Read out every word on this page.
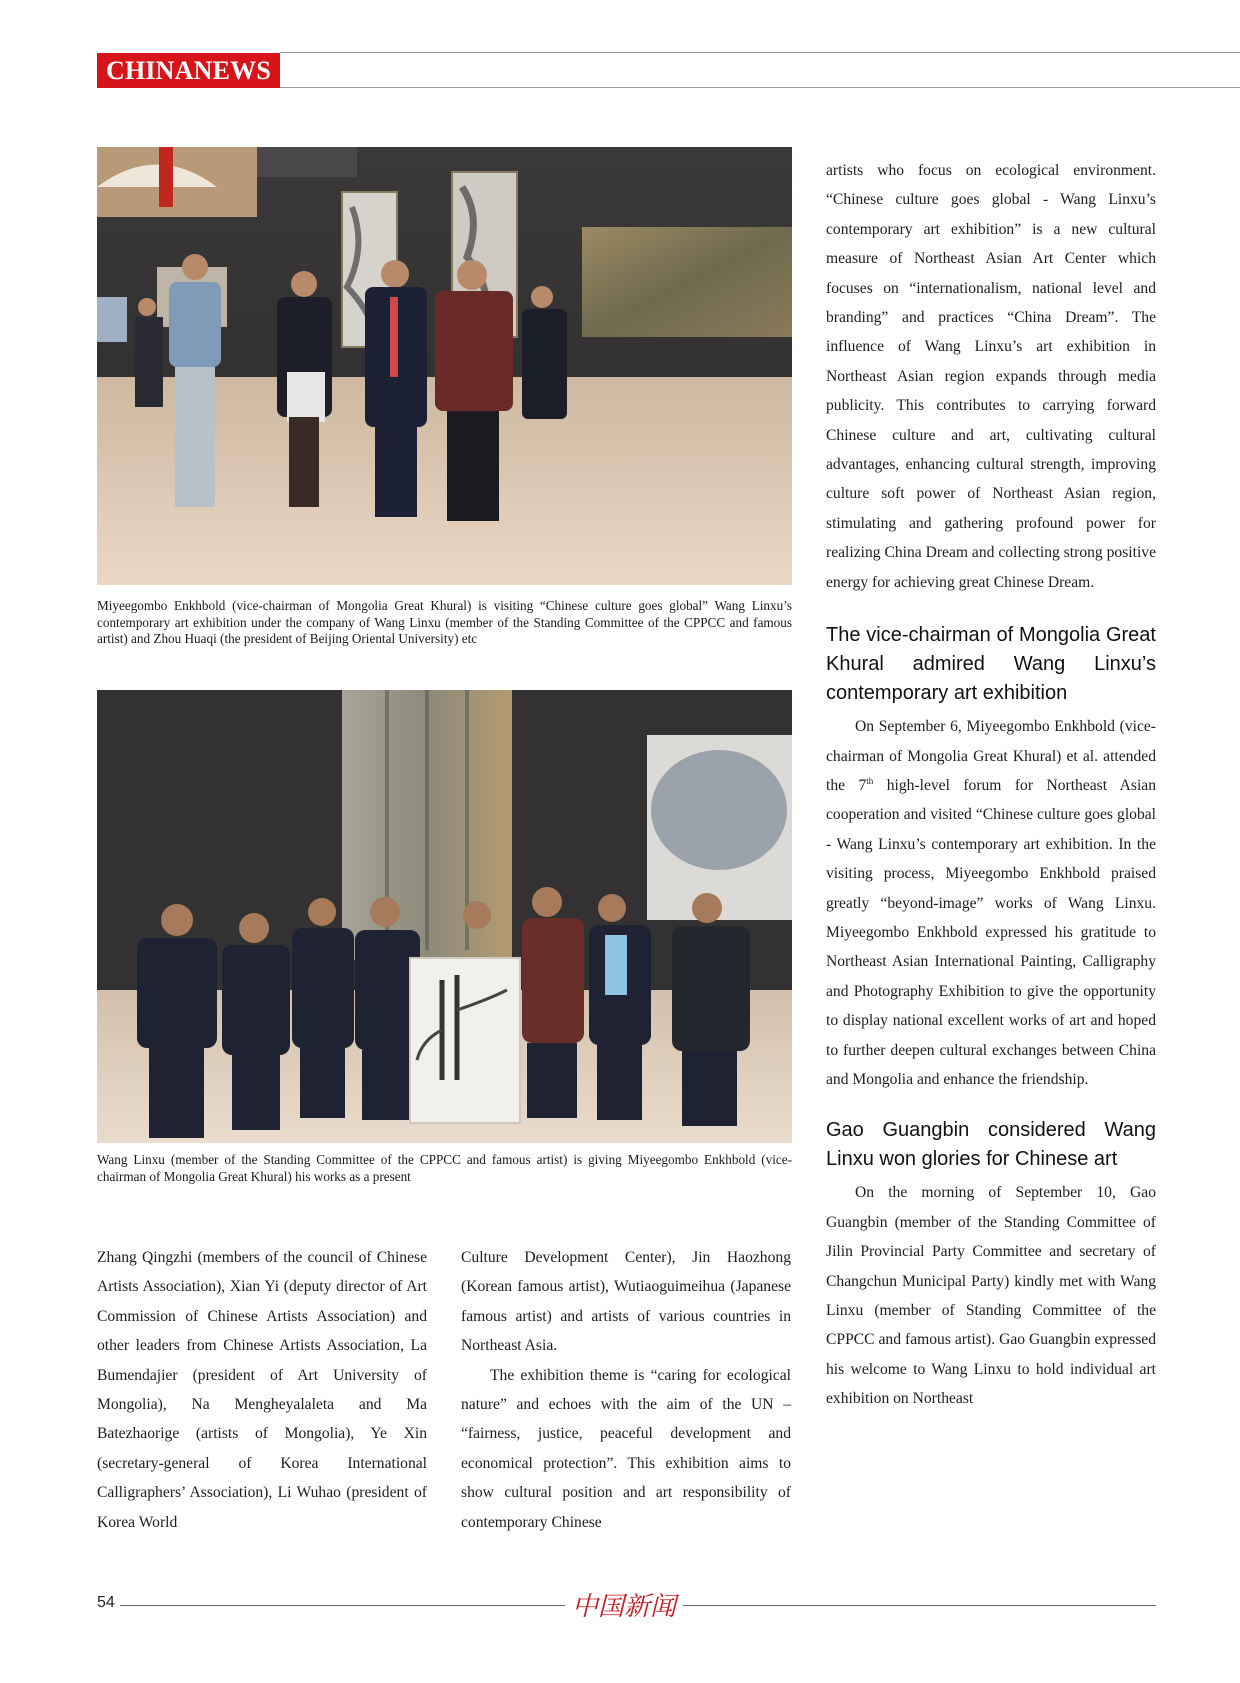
CHINANEWS
Miyeegombo Enkhbold (vice-chairman of Mongolia Great Khural) is visiting “Chinese culture goes global” Wang Linxu’s contemporary art exhibition under the company of Wang Linxu (member of the Standing Committee of the CPPCC and famous artist) and Zhou Huaqi (the president of Beijing Oriental University) etc
Wang Linxu (member of the Standing Committee of the CPPCC and famous artist) is giving Miyeegombo Enkhbold (vice-chairman of Mongolia Great Khural) his works as a present

artists who focus on ecological environment. “Chinese culture goes global - Wang Linxu’s contemporary art exhibition” is a new cultural measure of Northeast Asian Art Center which focuses on “internationalism, national level and branding” and practices “China Dream”. The influence of Wang Linxu’s art exhibition in Northeast Asian region expands through media publicity. This contributes to carrying forward Chinese culture and art, cultivating cultural advantages, enhancing cultural strength, improving culture soft power of Northeast Asian region, stimulating and gathering profound power for realizing China Dream and collecting strong positive energy for achieving great Chinese Dream.

The vice-chairman of Mongolia Great Khural admired Wang Linxu’s contemporary art exhibition

On September 6, Miyeegombo Enkhbold (vice-chairman of Mongolia Great Khural) et al. attended the 7th high-level forum for Northeast Asian cooperation and visited “Chinese culture goes global - Wang Linxu’s contemporary art exhibition. In the visiting process, Miyeegombo Enkhbold praised greatly “beyond-image” works of Wang Linxu. Miyeegombo Enkhbold expressed his gratitude to Northeast Asian International Painting, Calligraphy and Photography Exhibition to give the opportunity to display national excellent works of art and hoped to further deepen cultural exchanges between China and Mongolia and enhance the friendship.

Gao Guangbin considered Wang Linxu won glories for Chinese art

On the morning of September 10, Gao Guangbin (member of the Standing Committee of Jilin Provincial Party Committee and secretary of Changchun Municipal Party) kindly met with Wang Linxu (member of Standing Committee of the CPPCC and famous artist). Gao Guangbin expressed his welcome to Wang Linxu to hold individual art exhibition on Northeast

Zhang Qingzhi (members of the council of Chinese Artists Association), Xian Yi (deputy director of Art Commission of Chinese Artists Association) and other leaders from Chinese Artists Association, La Bumendajier (president of Art University of Mongolia), Na Mengheyalaleta and Ma Batezhaorige (artists of Mongolia), Ye Xin (secretary-general of Korea International Calligraphers’ Association), Li Wuhao (president of Korea World

Culture Development Center), Jin Haozhong (Korean famous artist), Wutiaoguimeihua (Japanese famous artist) and artists of various countries in Northeast Asia.

The exhibition theme is “caring for ecological nature” and echoes with the aim of the UN – “fairness, justice, peaceful development and economical protection”. This exhibition aims to show cultural position and art responsibility of contemporary Chinese

54	中国新闻
